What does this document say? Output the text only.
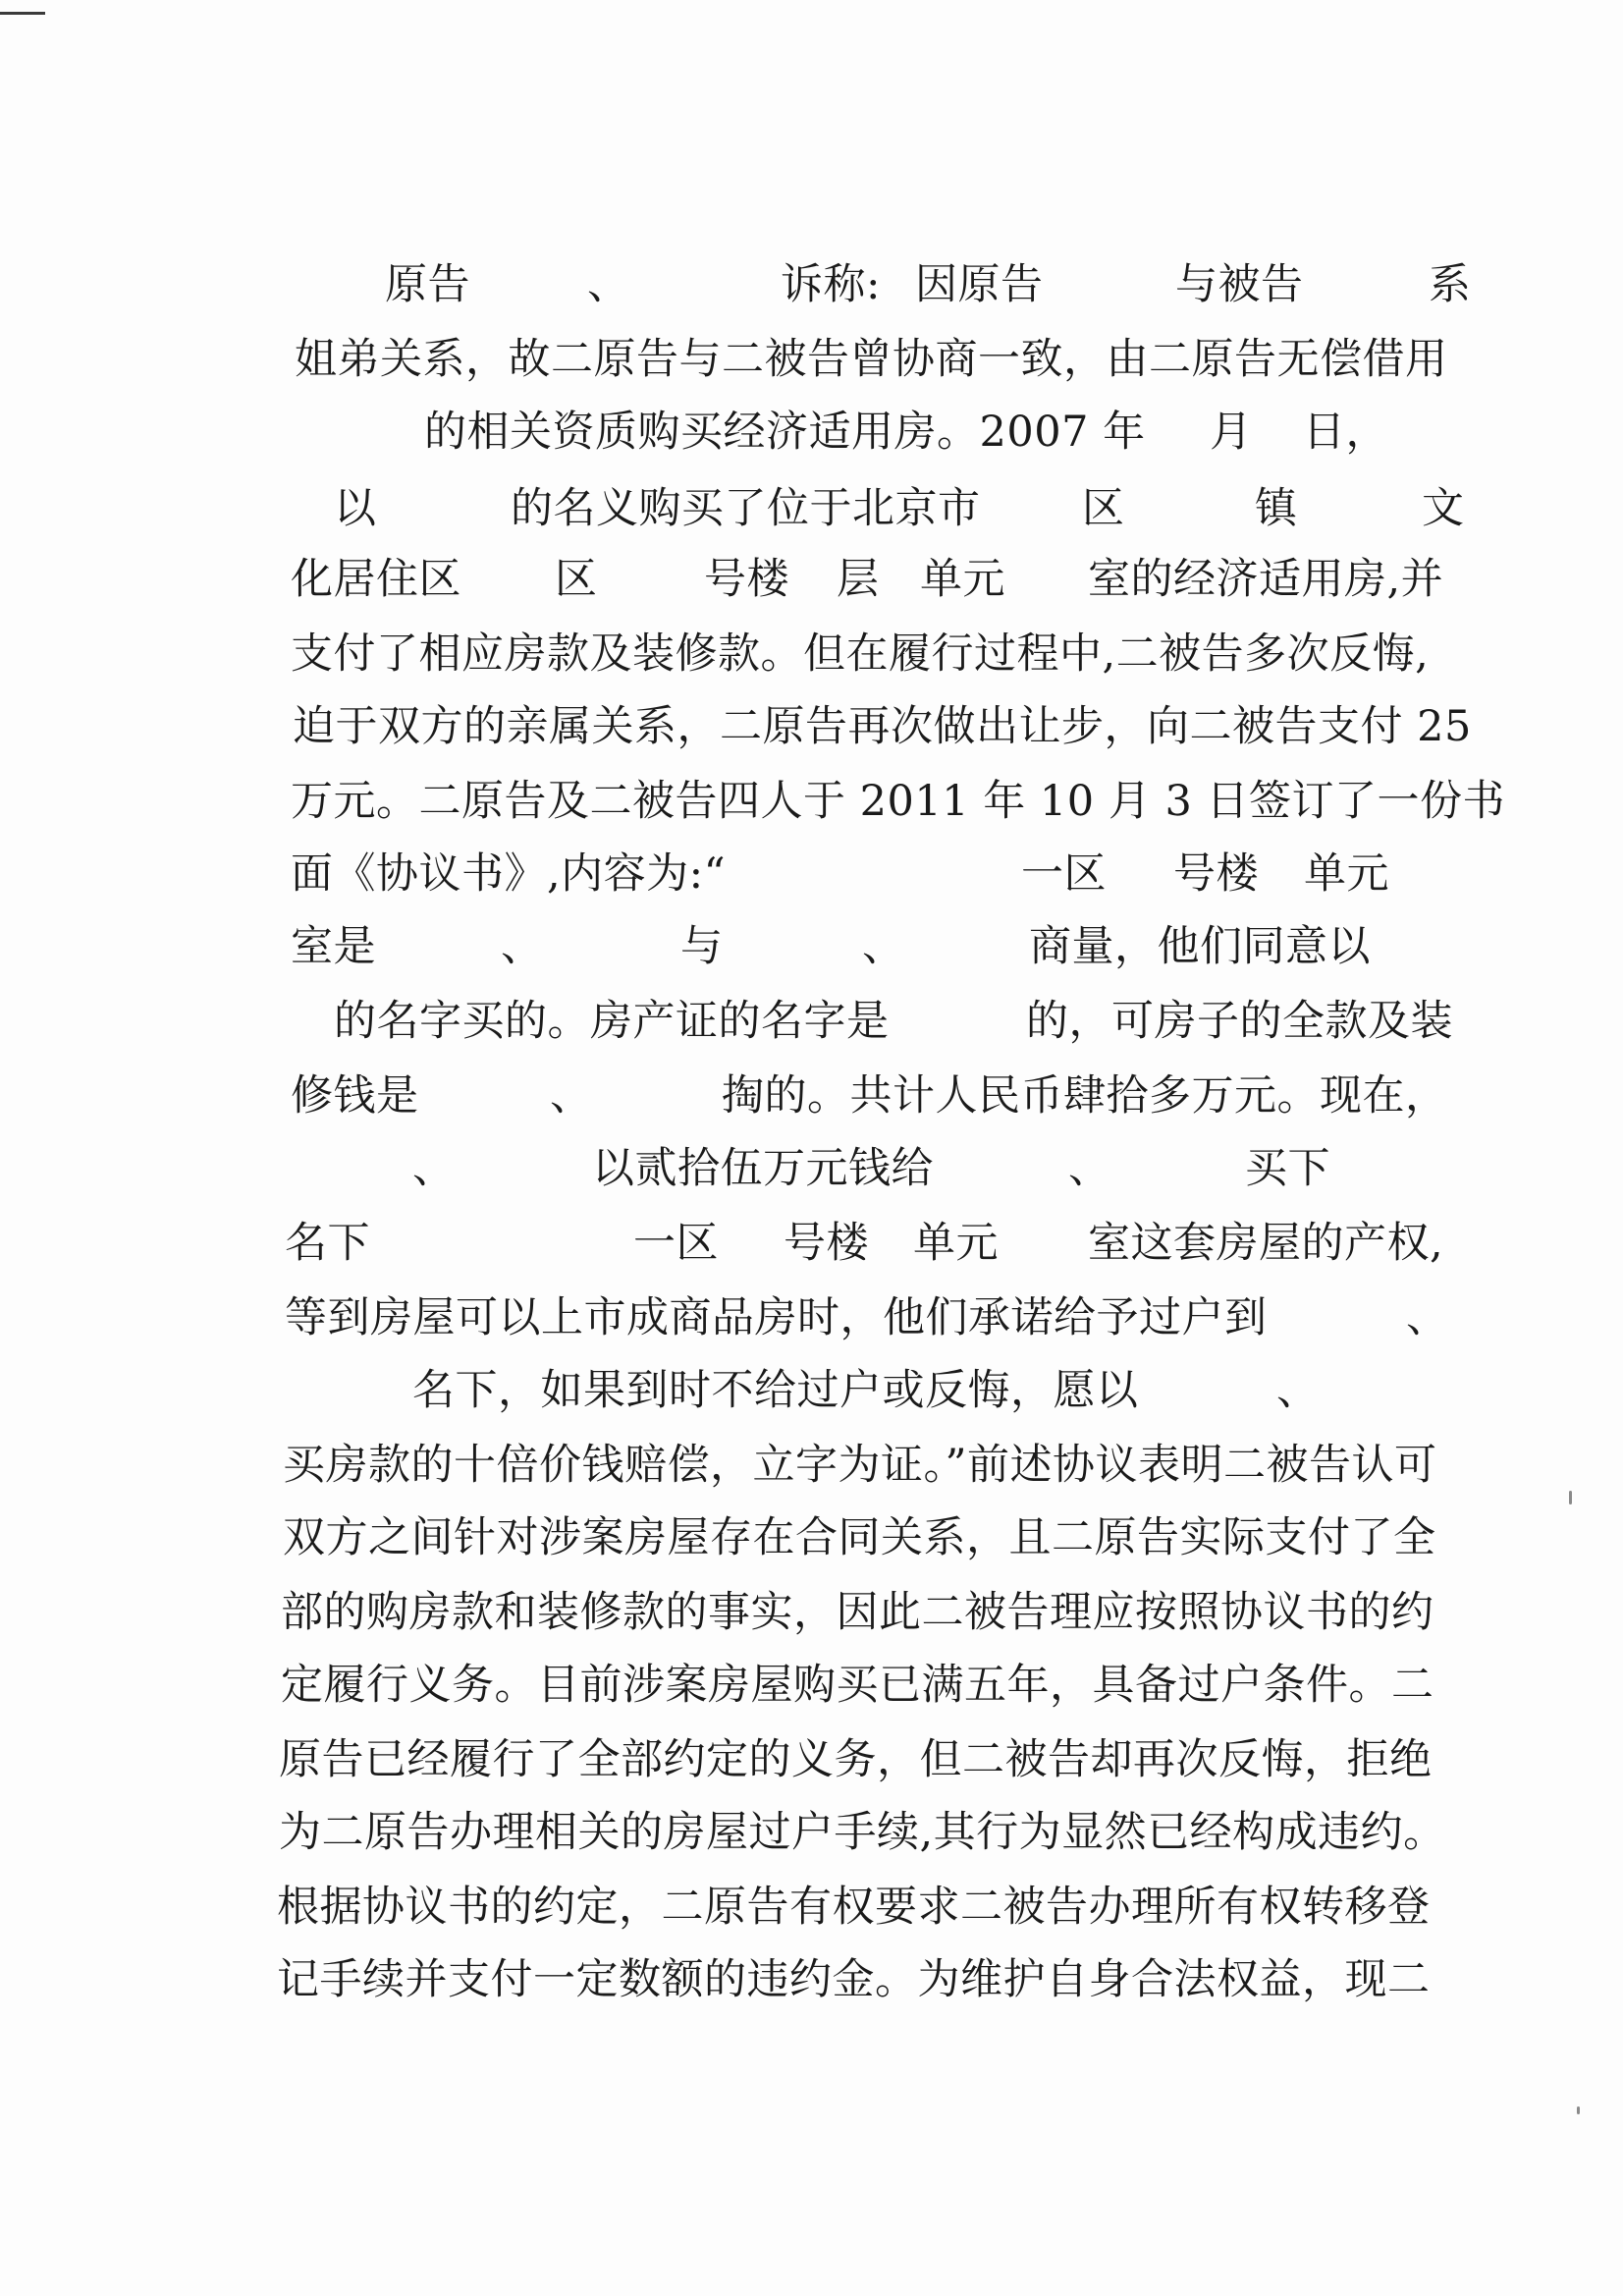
原告

	、

	诉称:

因原告

	与被告

	系

姐弟关系，故二原告与二被告曾协商一致，由二原告无偿借用

的相关资质购买经济适用房。2007 年

月

日，

以

	的名义购买了位于北京市

区

	镇

	文

化居住区

区

	号楼

层

单元

室的经济适用房,并

支付了相应房款及装修款。但在履行过程中,二被告多次反悔,

迫于双方的亲属关系，二原告再次做出让步，向二被告支付 25

万元。二原告及二被告四人于 2011 年 10 月 3 日签订了一份书

面《协议书》,内容为:“

	一区

号楼

单元

室是

	、

	与

	、

	商量，他们同意以

的名字买的。房产证的名字是

	的，可房子的全款及装

修钱是

	、

	掏的。共计人民币肆拾多万元。现在，

、

	以贰拾伍万元钱给

	、

	买下

名下

	一区

号楼

单元

室这套房屋的产权,

等到房屋可以上市成商品房时，他们承诺给予过户到

	、

名下，如果到时不给过户或反悔，愿以

	、

买房款的十倍价钱赔偿，立字为证。”前述协议表明二被告认可

双方之间针对涉案房屋存在合同关系，且二原告实际支付了全

部的购房款和装修款的事实，因此二被告理应按照协议书的约

定履行义务。目前涉案房屋购买已满五年，具备过户条件。二

原告已经履行了全部约定的义务，但二被告却再次反悔，拒绝

为二原告办理相关的房屋过户手续,其行为显然已经构成违约。

根据协议书的约定，二原告有权要求二被告办理所有权转移登

记手续并支付一定数额的违约金。为维护自身合法权益，现二
